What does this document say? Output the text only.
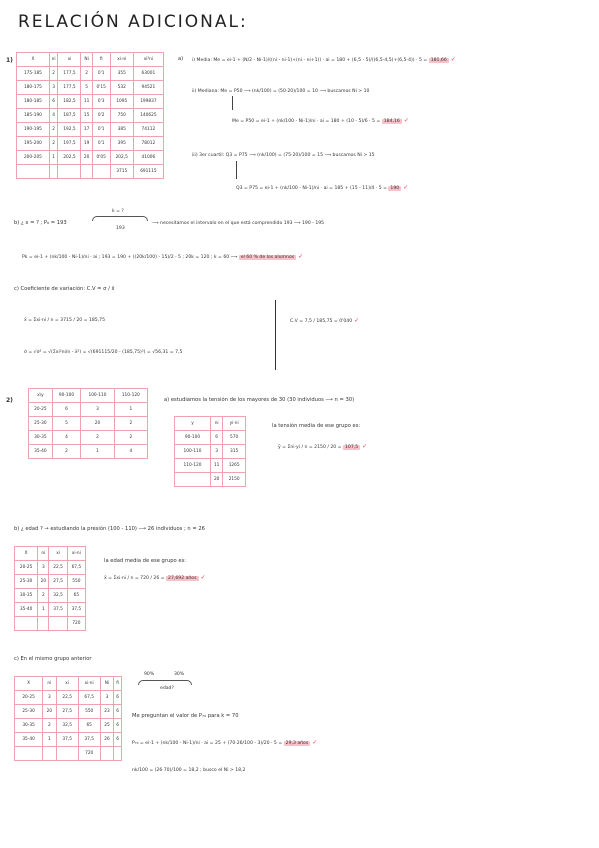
RELACIÓN ADICIONAL:
1)	X	ni	xi	Ni	fi	xi·ni	xi²ni
175-185	2	177,5	2	0'1	355	63001
180-175	3	177,5	5	0'15	532	94521
180-185	6	182,5	11	0'3	1095	199837
185-190	4	187,5	15	0'2	750	140625
190-195	2	192,5	17	0'1	385	74112
195-200	2	197,5	19	0'1	395	78012
200-205	1	202,5	20	0'05	202,5	41006
					3715	691115
a) i) Media: Me = ei-1 + (N/2 - Ni-1)/((ni - ni-1)+(ni - ni+1)) · ai = 180 + (6,5 - 5)/((6,5-4,5)+(6,5-4)) · 5 = 181,66 ✓
ii) Mediana: Me = P50 ⟶ (nk/100) = (50·20)/100 = 10 ⟶ buscamos Ni > 10
Me = P50 = ei-1 + (nk/100 - Ni-1)/ni · ai = 180 + (10 - 5)/6 · 5 = 184,16 ✓
iii) 3er cuartil: Q3 = P75 ⟶ (nk/100) = (75·20)/100 = 15 ⟶ buscamos Ni > 15
Q3 = P75 = ei-1 + (nk/100 - Ni-1)/ni · ai = 185 + (15 - 11)/4 · 5 = 190 ✓
b) ¿ x = ? ; P₈ = 193
k = ?
193
⟶ necesitamos el intervalo en el que está comprendido 193 ⟶ 190 - 195
Pk = ei-1 + (nk/100 - Ni-1)/ni · ai ; 193 = 190 + ((20k/100) - 15)/2 · 5 ; 20k = 120 ; k = 60 ⟶ el 60 % de los alumnos ✓
c) Coeficiente de variación: C.V = σ / x̄
x̄ = Σxi·ni / n = 3715 / 20 = 185,75
σ = √σ² = √(Σxi²ni/n - x̄²) = √(691115/20 - (185,75)²) = √56,31 = 7,5
C.V = 7,5 / 185,75 = 0'040 ✓
2)
x\y	90-100	100-110	110-120
20-25	6	3	1
25-30	5	20	2
30-35	4	2	2
35-40	2	1	4
a) estudiamos la tensión de los mayores de 30 (30 individuos ⟶ n = 30)
y	ni	yi·ni
90-100	6	570
100-110	3	315
110-120	11	1265
	20	2150
la tensión media de ese grupo es:
ȳ = Σni·yi / n = 2150 / 20 = 107,5 ✓
b) ¿ edad ? → estudiando la presión (100 - 110) ⟶ 26 individuos ; n = 26
X	ni	xi	xi·ni
20-25	3	22,5	67,5
25-30	20	27,5	550
30-35	2	32,5	65
35-40	1	37,5	37,5
			720
la edad media de ese grupo es:
x̄ = Σxi·ni / n = 720 / 26 = 27,692 años ✓
c) En el mismo grupo anterior
X	ni	xi	xi·ni	Ni	fi
20-25	3	22,5	67,5	3	6
25-30	20	27,5	550	23	6
30-35	2	32,5	65	25	6
35-40	1	37,5	37,5	26	6
			720		
90%	30%
edad?
Me preguntan el valor de P₇₀ para k = 70
P₇₀ = ei-1 + (nk/100 - Ni-1)/ni · ai = 25 + (70·26/100 - 3)/20 · 5 = 29,3 años ✓
nk/100 = (26·70)/100 = 18,2 ; busco el Ni > 18,2
